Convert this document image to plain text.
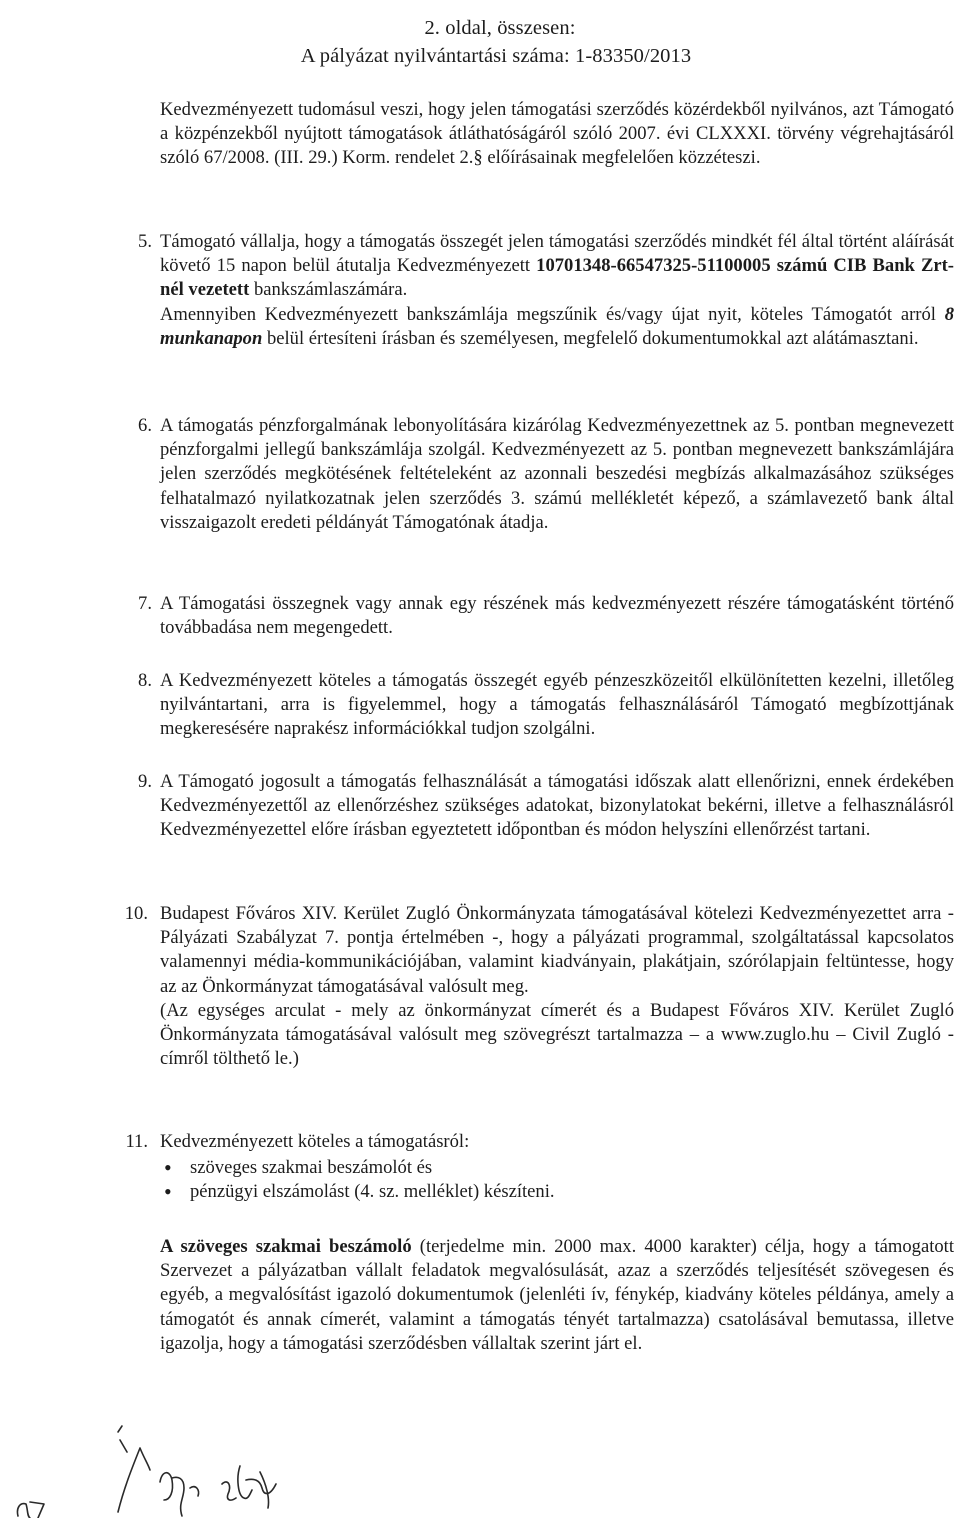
2. oldal, összesen:
A pályázat nyilvántartási száma: 1-83350/2013
Kedvezményezett tudomásul veszi, hogy jelen támogatási szerződés közérdekből nyilvános, azt Támogató a közpénzekből nyújtott támogatások átláthatóságáról szóló 2007. évi CLXXXI. törvény végrehajtásáról szóló 67/2008. (III. 29.) Korm. rendelet 2.§ előírásainak megfelelően közzéteszi.
5. Támogató vállalja, hogy a támogatás összegét jelen támogatási szerződés mindkét fél által történt aláírását követő 15 napon belül átutalja Kedvezményezett 10701348-66547325-51100005 számú CIB Bank Zrt-nél vezetett bankszámlaszámára.
Amennyiben Kedvezményezett bankszámlája megszűnik és/vagy újat nyit, köteles Támogatót arról 8 munkanapon belül értesíteni írásban és személyesen, megfelelő dokumentumokkal azt alátámasztani.
6. A támogatás pénzforgalmának lebonyolítására kizárólag Kedvezményezettnek az 5. pontban megnevezett pénzforgalmi jellegű bankszámlája szolgál. Kedvezményezett az 5. pontban megnevezett bankszámlájára jelen szerződés megkötésének feltételeként az azonnali beszedési megbízás alkalmazásához szükséges felhatalmazó nyilatkozatnak jelen szerződés 3. számú mellékletét képező, a számlavezető bank által visszaigazolt eredeti példányát Támogatónak átadja.
7. A Támogatási összegnek vagy annak egy részének más kedvezményezett részére támogatásként történő továbbadása nem megengedett.
8. A Kedvezményezett köteles a támogatás összegét egyéb pénzeszközeitől elkülönítetten kezelni, illetőleg nyilvántartani, arra is figyelemmel, hogy a támogatás felhasználásáról Támogató megbízottjának megkeresésére naprakész információkkal tudjon szolgálni.
9. A Támogató jogosult a támogatás felhasználását a támogatási időszak alatt ellenőrizni, ennek érdekében Kedvezményezettől az ellenőrzéshez szükséges adatokat, bizonylatokat bekérni, illetve a felhasználásról Kedvezményezettel előre írásban egyeztetett időpontban és módon helyszíni ellenőrzést tartani.
10. Budapest Főváros XIV. Kerület Zugló Önkormányzata támogatásával kötelezi Kedvezményezettet arra - Pályázati Szabályzat 7. pontja értelmében -, hogy a pályázati programmal, szolgáltatással kapcsolatos valamennyi média-kommunikációjában, valamint kiadványain, plakátjain, szórólapjain feltüntesse, hogy az az Önkormányzat támogatásával valósult meg.
(Az egységes arculat - mely az önkormányzat címerét és a Budapest Főváros XIV. Kerület Zugló Önkormányzata támogatásával valósult meg szövegrészt tartalmazza – a www.zuglo.hu – Civil Zugló - címről tölthető le.)
11. Kedvezményezett köteles a támogatásról:
• szöveges szakmai beszámolót és
• pénzügyi elszámolást (4. sz. melléklet) készíteni.
A szöveges szakmai beszámoló (terjedelme min. 2000 max. 4000 karakter) célja, hogy a támogatott Szervezet a pályázatban vállalt feladatok megvalósulását, azaz a szerződés teljesítését szövegesen és egyéb, a megvalósítást igazoló dokumentumok (jelenléti ív, fénykép, kiadvány köteles példánya, amely a támogatót és annak címerét, valamint a támogatás tényét tartalmazza) csatolásával bemutassa, illetve igazolja, hogy a támogatási szerződésben vállaltak szerint járt el.
